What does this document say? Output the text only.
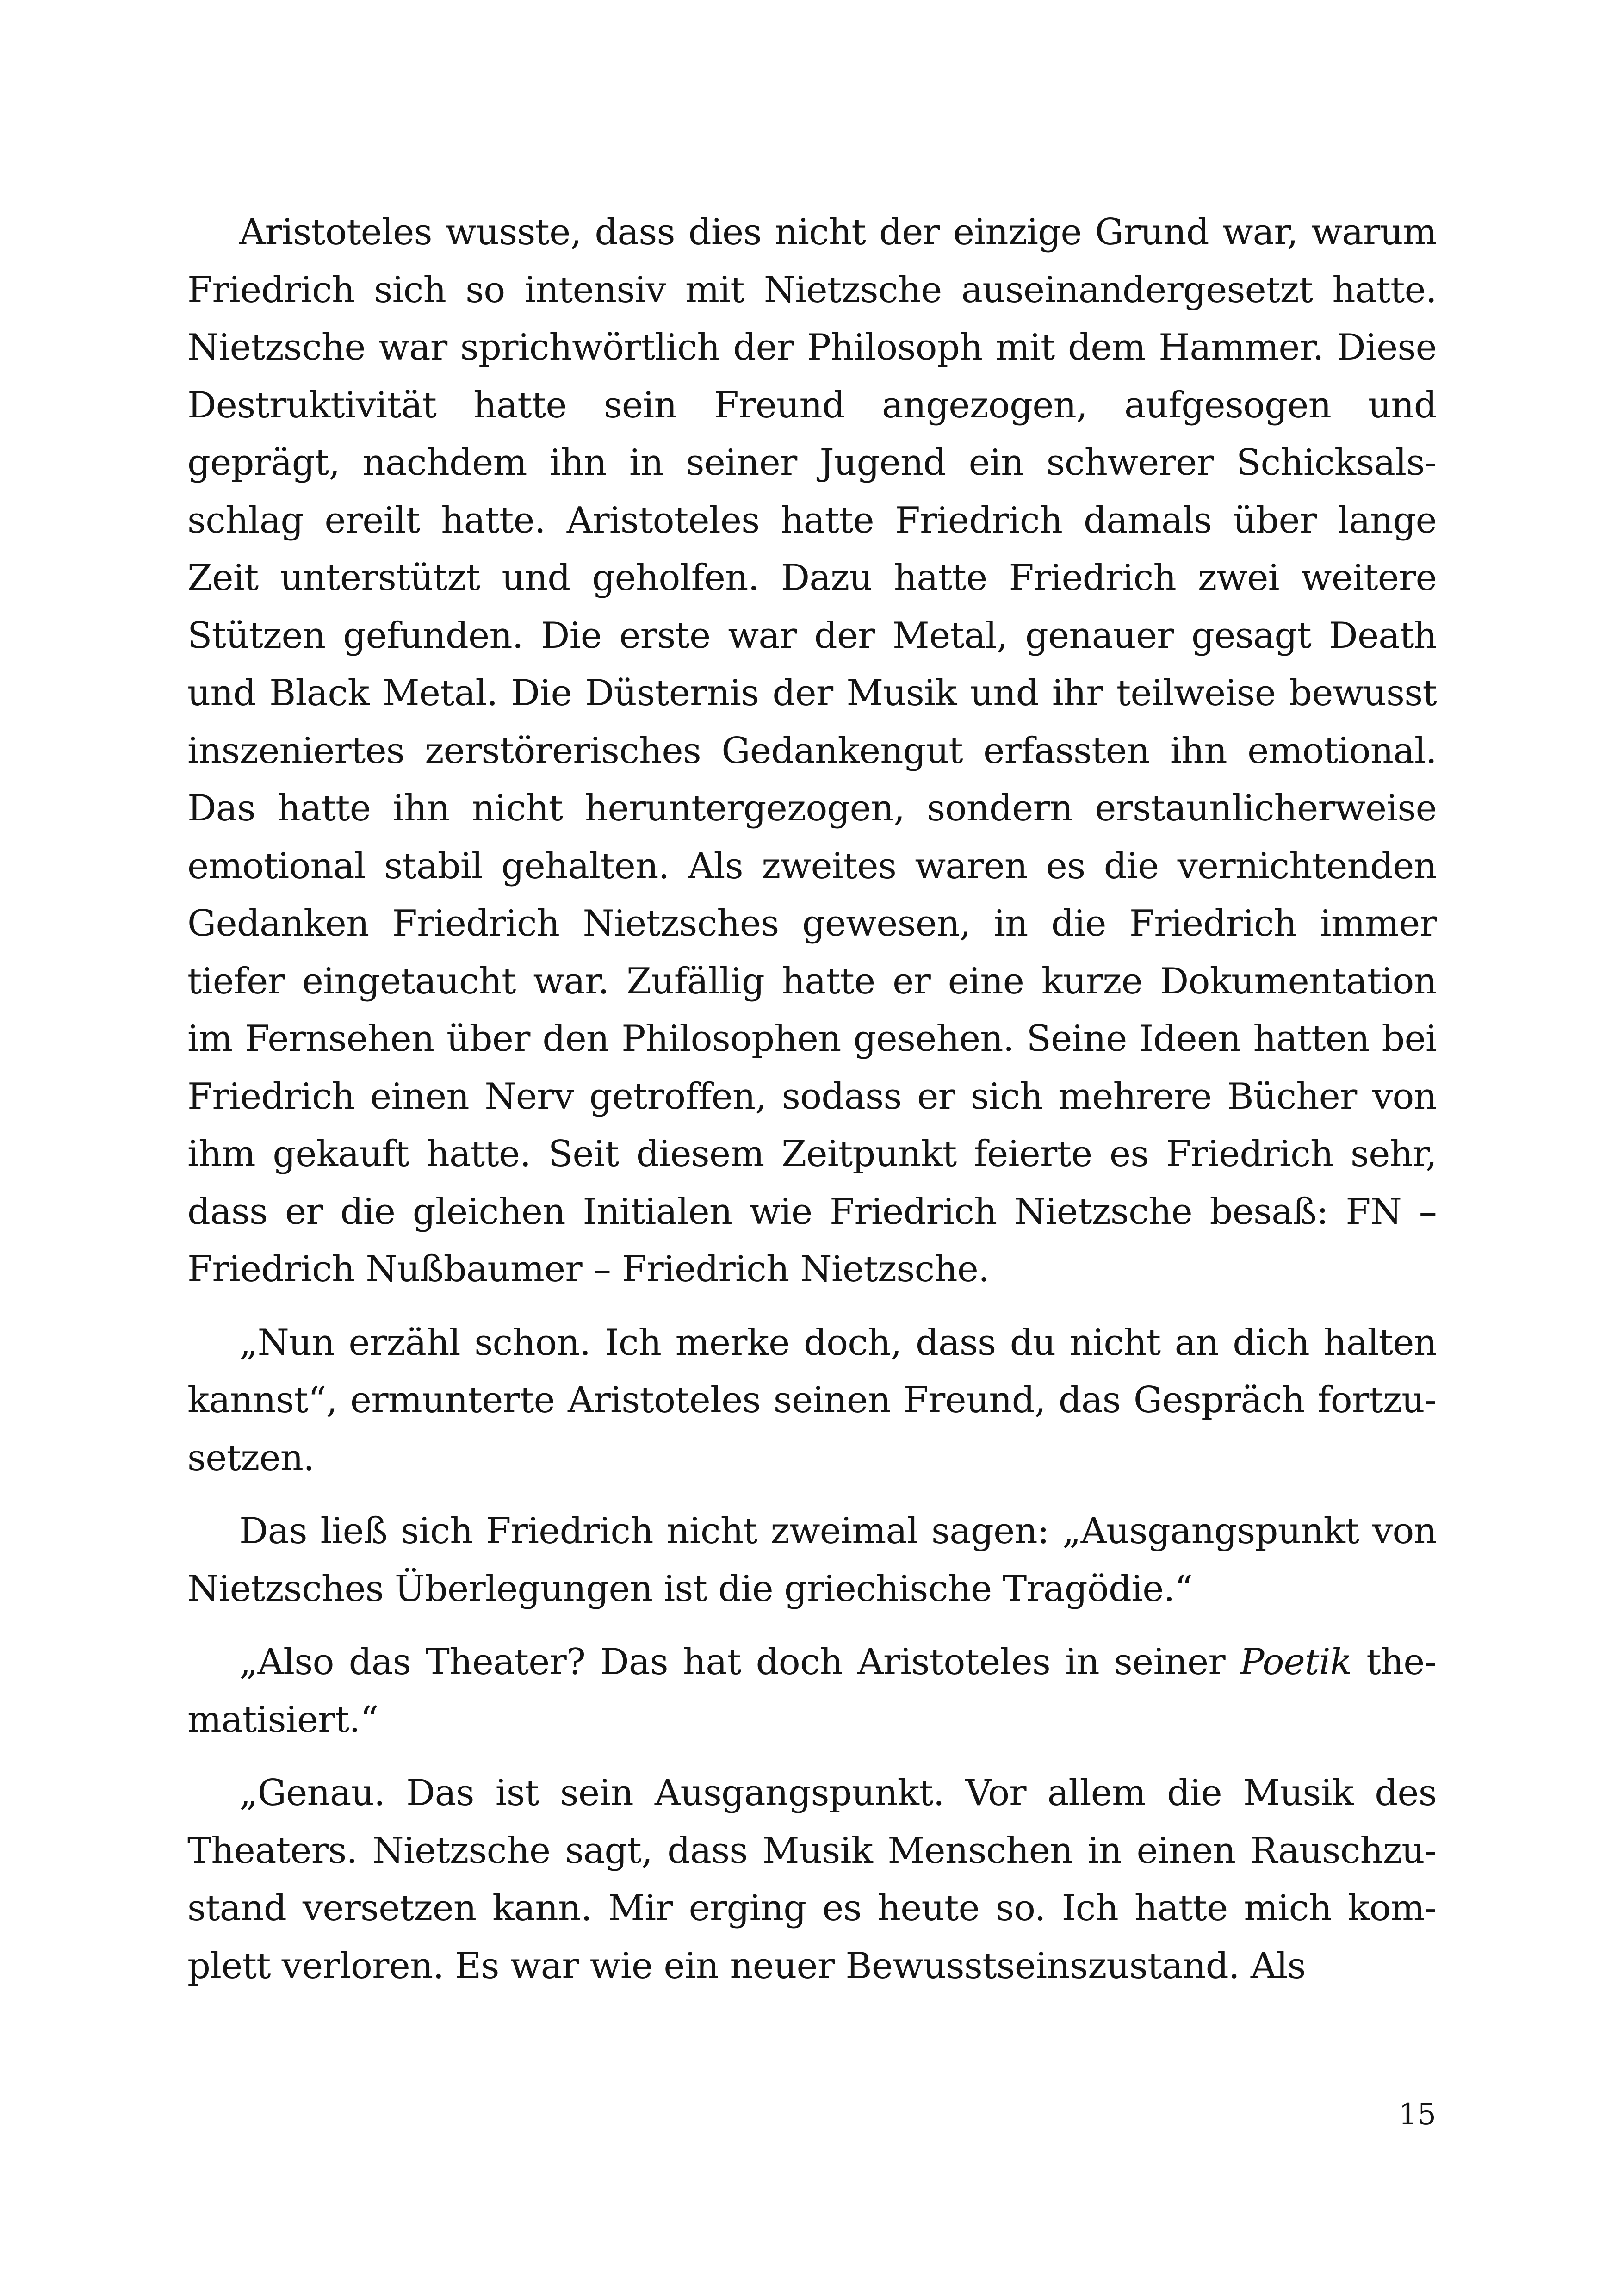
Aristoteles wusste, dass dies nicht der einzige Grund war, warum Friedrich sich so intensiv mit Nietzsche auseinandergesetzt hatte. Nietzsche war sprichwörtlich der Philosoph mit dem Hammer. Diese Destruktivität hatte sein Freund angezogen, aufgesogen und geprägt, nachdem ihn in seiner Jugend ein schwerer Schicksalsschlag ereilt hatte. Aristoteles hatte Friedrich damals über lange Zeit unterstützt und geholfen. Dazu hatte Friedrich zwei weitere Stützen gefunden. Die erste war der Metal, genauer gesagt Death und Black Metal. Die Düsternis der Musik und ihr teilweise bewusst inszeniertes zerstörerisches Gedankengut erfassten ihn emotional. Das hatte ihn nicht heruntergezogen, sondern erstaunlicherweise emotional stabil gehalten. Als zweites waren es die vernichtenden Gedanken Friedrich Nietzsches gewesen, in die Friedrich immer tiefer eingetaucht war. Zufällig hatte er eine kurze Dokumentation im Fernsehen über den Philosophen gesehen. Seine Ideen hatten bei Friedrich einen Nerv getroffen, sodass er sich mehrere Bücher von ihm gekauft hatte. Seit diesem Zeitpunkt feierte es Friedrich sehr, dass er die gleichen Initialen wie Friedrich Nietzsche besaß: FN – Friedrich Nußbaumer – Friedrich Nietzsche.

„Nun erzähl schon. Ich merke doch, dass du nicht an dich halten kannst“, ermunterte Aristoteles seinen Freund, das Gespräch fortzusetzen.

Das ließ sich Friedrich nicht zweimal sagen: „Ausgangspunkt von Nietzsches Überlegungen ist die griechische Tragödie.“

„Also das Theater? Das hat doch Aristoteles in seiner Poetik thematisiert.“

„Genau. Das ist sein Ausgangspunkt. Vor allem die Musik des Theaters. Nietzsche sagt, dass Musik Menschen in einen Rauschzustand versetzen kann. Mir erging es heute so. Ich hatte mich komplett verloren. Es war wie ein neuer Bewusstseinszustand. Als

15
